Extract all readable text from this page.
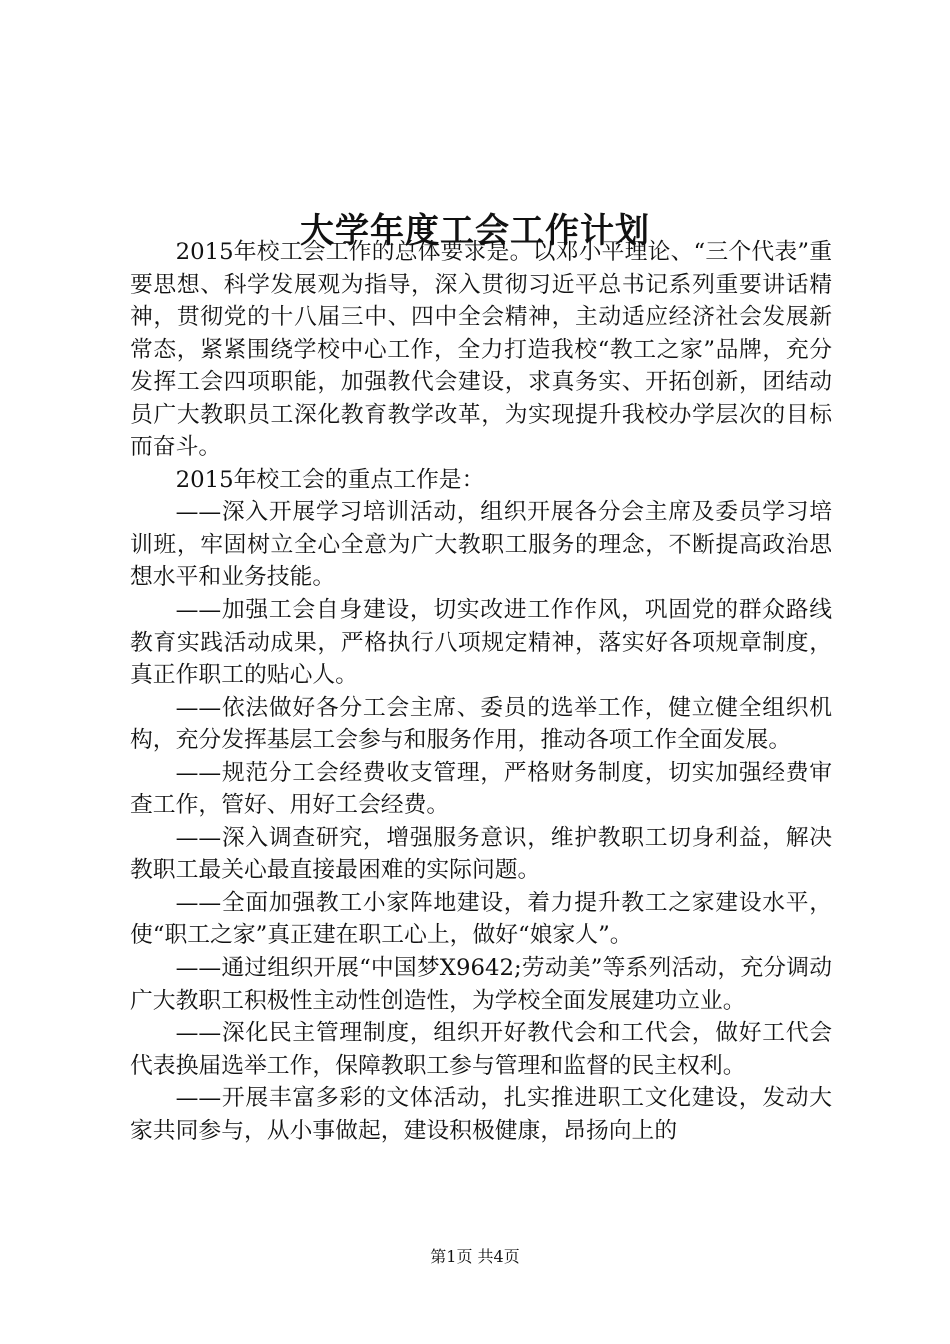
大学年度工会工作计划

2015年校工会工作的总体要求是。以邓小平理论、“三个代表”重要思想、科学发展观为指导，深入贯彻习近平总书记系列重要讲话精神，贯彻党的十八届三中、四中全会精神，主动适应经济社会发展新常态，紧紧围绕学校中心工作，全力打造我校“教工之家”品牌，充分发挥工会四项职能，加强教代会建设，求真务实、开拓创新，团结动员广大教职员工深化教育教学改革，为实现提升我校办学层次的目标而奋斗。

2015年校工会的重点工作是：

——深入开展学习培训活动，组织开展各分会主席及委员学习培训班，牢固树立全心全意为广大教职工服务的理念，不断提高政治思想水平和业务技能。

——加强工会自身建设，切实改进工作作风，巩固党的群众路线教育实践活动成果，严格执行八项规定精神，落实好各项规章制度，真正作职工的贴心人。

——依法做好各分工会主席、委员的选举工作，健立健全组织机构，充分发挥基层工会参与和服务作用，推动各项工作全面发展。

——规范分工会经费收支管理，严格财务制度，切实加强经费审查工作，管好、用好工会经费。

——深入调查研究，增强服务意识，维护教职工切身利益，解决教职工最关心最直接最困难的实际问题。

——全面加强教工小家阵地建设，着力提升教工之家建设水平，使“职工之家”真正建在职工心上，做好“娘家人”。

——通过组织开展“中国梦X9642;劳动美”等系列活动，充分调动广大教职工积极性主动性创造性，为学校全面发展建功立业。

——深化民主管理制度，组织开好教代会和工代会，做好工代会代表换届选举工作，保障教职工参与管理和监督的民主权利。

——开展丰富多彩的文体活动，扎实推进职工文化建设，发动大家共同参与，从小事做起，建设积极健康，昂扬向上的

第1页 共4页
